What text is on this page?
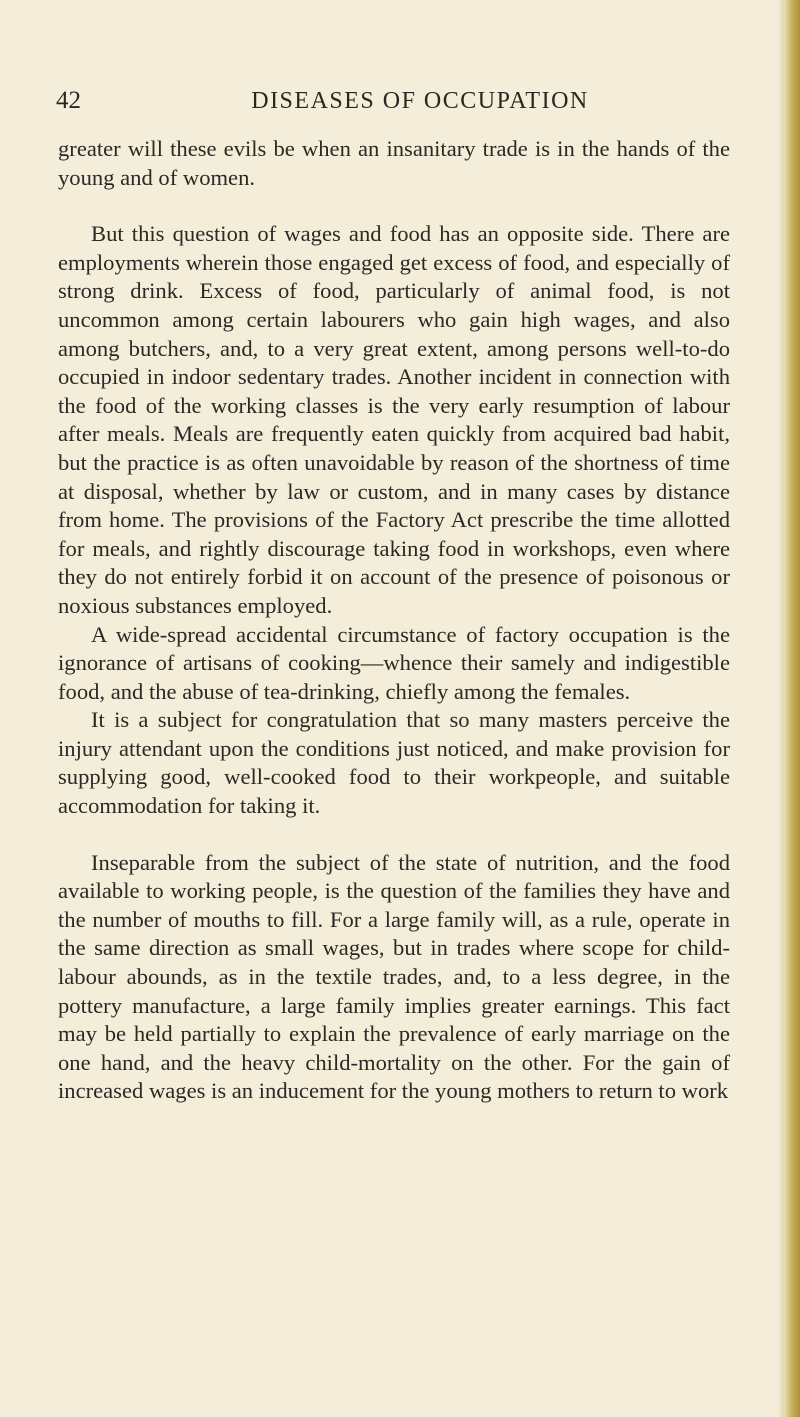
42	DISEASES OF OCCUPATION

greater will these evils be when an insanitary trade is in the hands of the young and of women.

But this question of wages and food has an opposite side. There are employments wherein those engaged get excess of food, and especially of strong drink. Excess of food, particularly of animal food, is not uncommon among certain labourers who gain high wages, and also among butchers, and, to a very great extent, among persons well-to-do occupied in indoor sedentary trades. Another incident in connection with the food of the working classes is the very early resumption of labour after meals. Meals are frequently eaten quickly from acquired bad habit, but the practice is as often unavoidable by reason of the shortness of time at disposal, whether by law or custom, and in many cases by distance from home. The provisions of the Factory Act prescribe the time allotted for meals, and rightly discourage taking food in workshops, even where they do not entirely forbid it on account of the presence of poisonous or noxious substances employed.

A wide-spread accidental circumstance of factory occupation is the ignorance of artisans of cooking—whence their samely and indigestible food, and the abuse of tea-drinking, chiefly among the females.

It is a subject for congratulation that so many masters perceive the injury attendant upon the conditions just noticed, and make provision for supplying good, well-cooked food to their workpeople, and suitable accommodation for taking it.

Inseparable from the subject of the state of nutrition, and the food available to working people, is the question of the families they have and the number of mouths to fill. For a large family will, as a rule, operate in the same direction as small wages, but in trades where scope for child-labour abounds, as in the textile trades, and, to a less degree, in the pottery manufacture, a large family implies greater earnings. This fact may be held partially to explain the prevalence of early marriage on the one hand, and the heavy child-mortality on the other. For the gain of increased wages is an inducement for the young mothers to return to work
